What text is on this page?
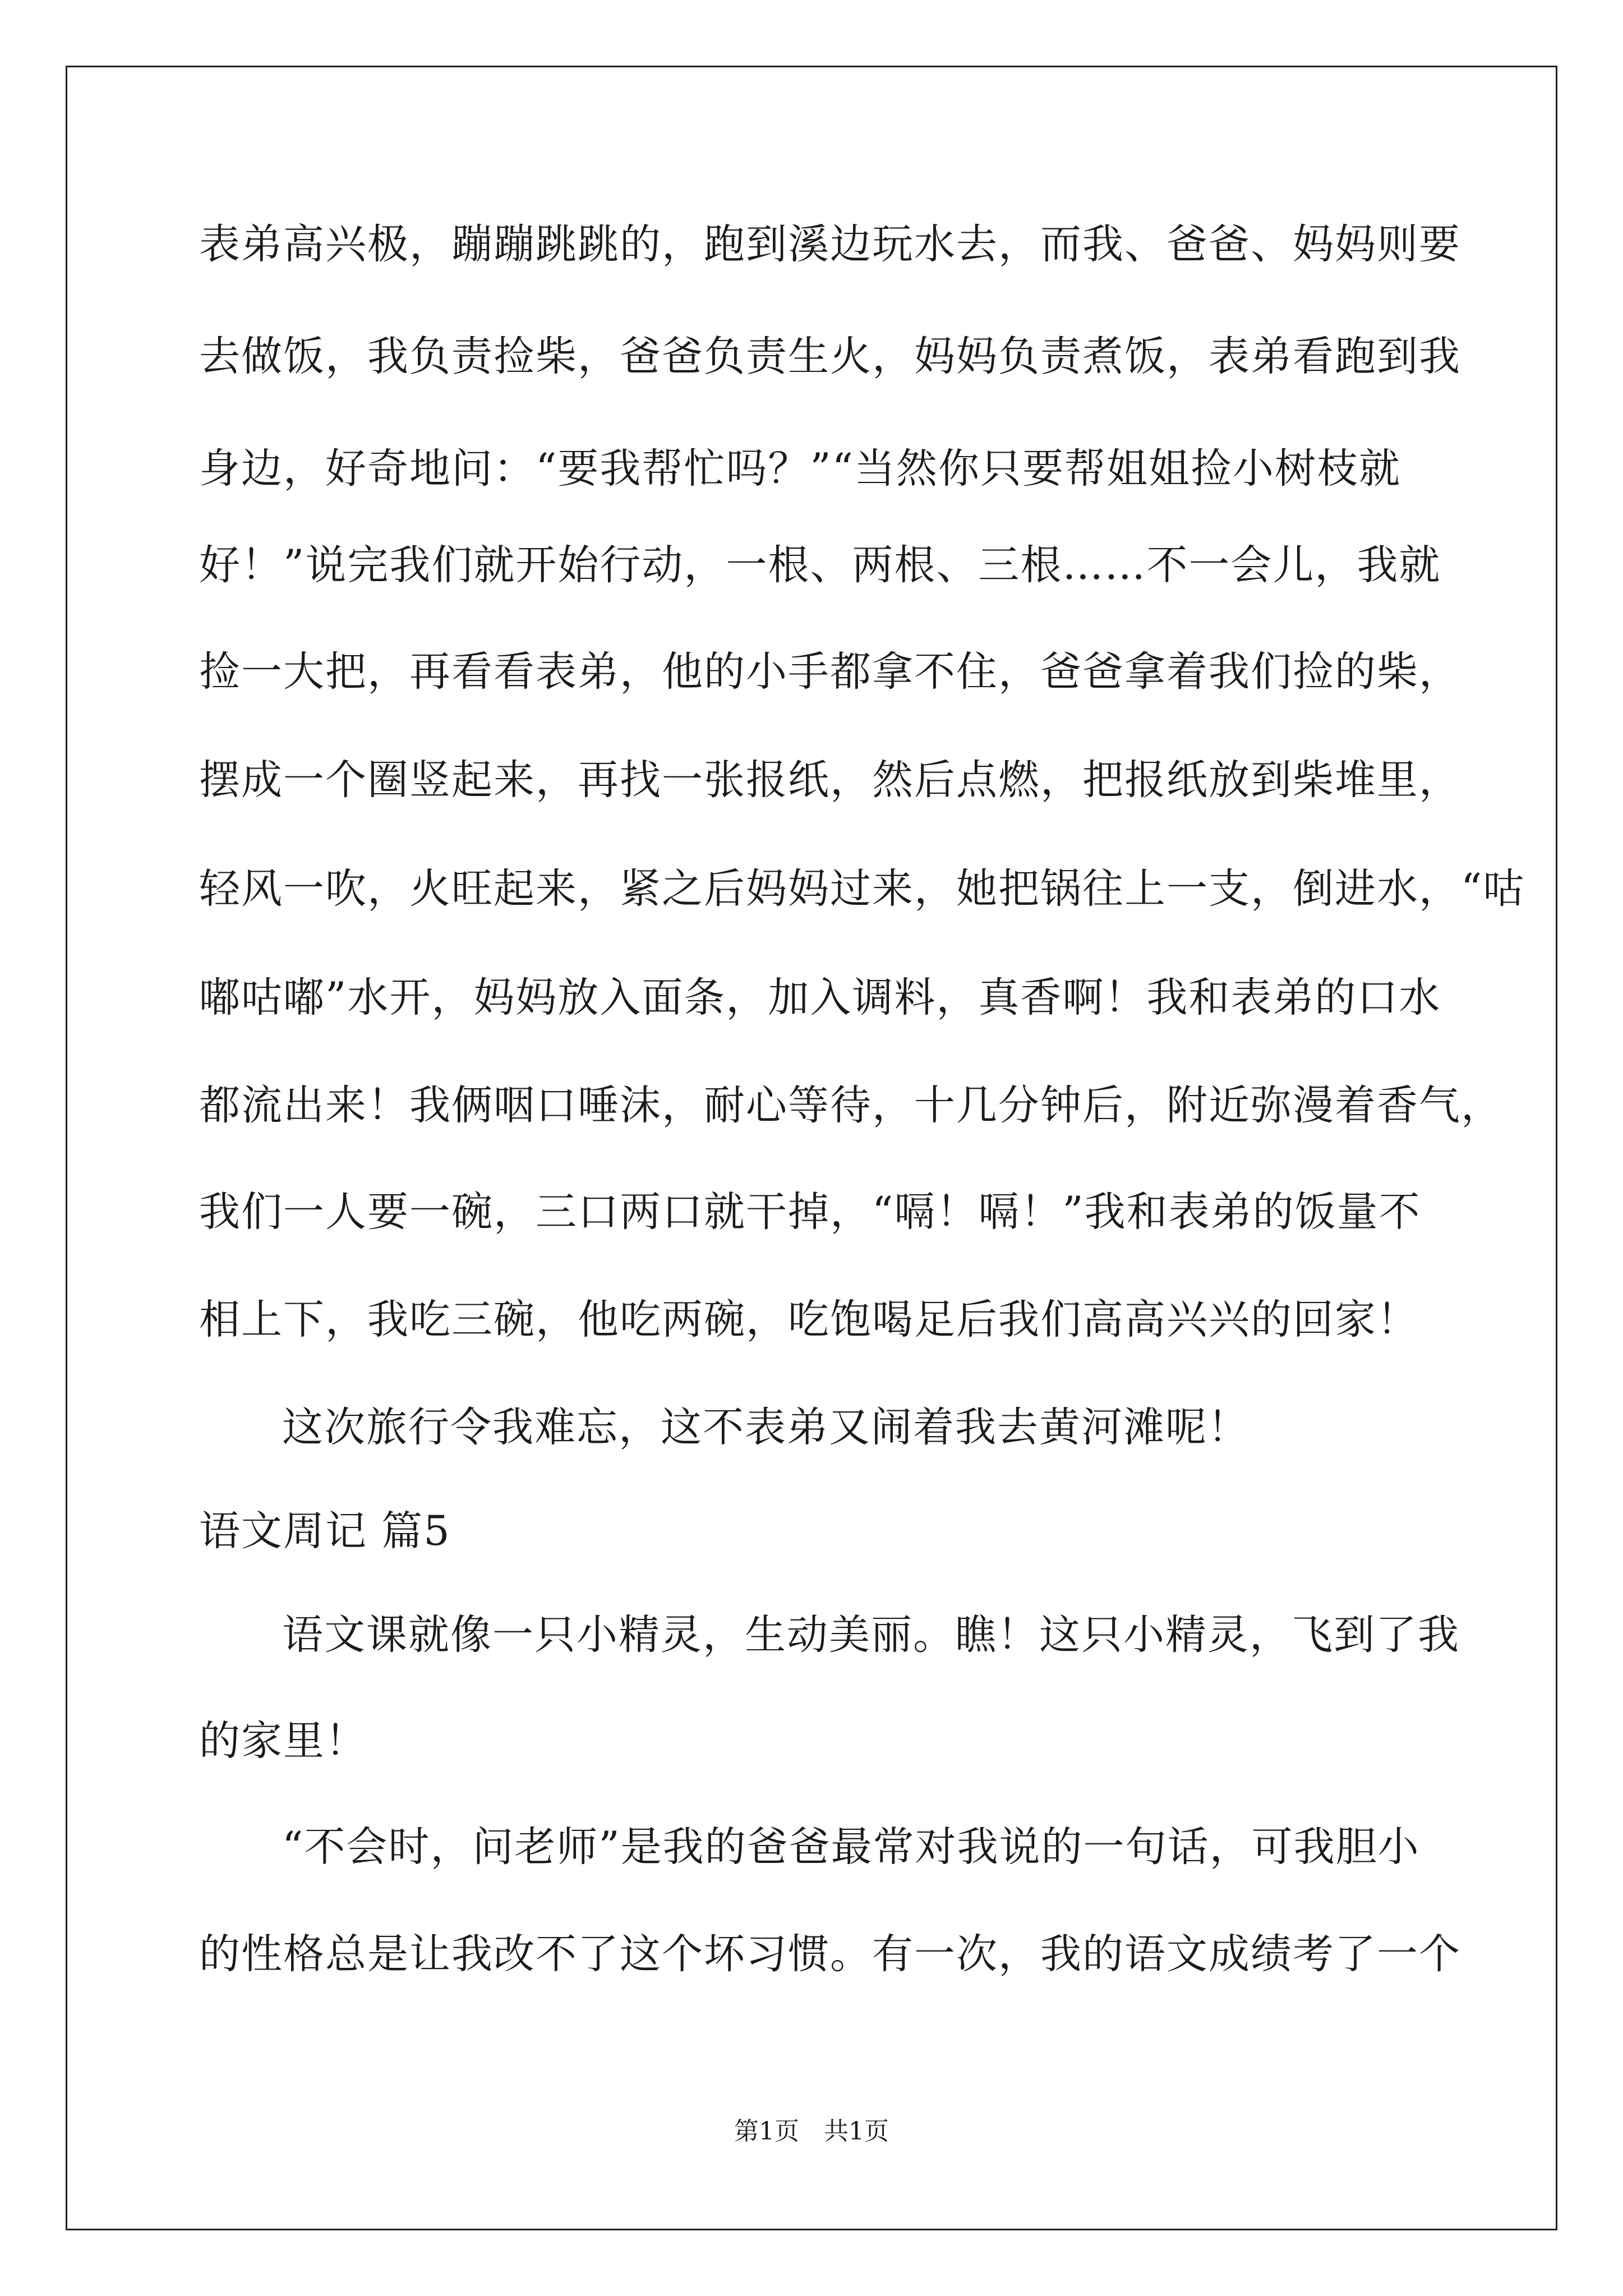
表弟高兴极，蹦蹦跳跳的，跑到溪边玩水去，而我、爸爸、妈妈则要
去做饭，我负责捡柴，爸爸负责生火，妈妈负责煮饭，表弟看跑到我
身边，好奇地问：“要我帮忙吗？”“当然你只要帮姐姐捡小树枝就
好！”说完我们就开始行动，一根、两根、三根……不一会儿，我就
捡一大把，再看看表弟，他的小手都拿不住，爸爸拿着我们捡的柴，
摆成一个圈竖起来，再找一张报纸，然后点燃，把报纸放到柴堆里，
轻风一吹，火旺起来，紧之后妈妈过来，她把锅往上一支，倒进水，“咕
嘟咕嘟”水开，妈妈放入面条，加入调料，真香啊！我和表弟的口水
都流出来！我俩咽口唾沫，耐心等待，十几分钟后，附近弥漫着香气，
我们一人要一碗，三口两口就干掉，“嗝！嗝！”我和表弟的饭量不
相上下，我吃三碗，他吃两碗，吃饱喝足后我们高高兴兴的回家！
这次旅行令我难忘，这不表弟又闹着我去黄河滩呢！
语文周记 篇5
语文课就像一只小精灵，生动美丽。瞧！这只小精灵，飞到了我
的家里！
“不会时，问老师”是我的爸爸最常对我说的一句话，可我胆小
的性格总是让我改不了这个坏习惯。有一次，我的语文成绩考了一个
第1页　共1页
